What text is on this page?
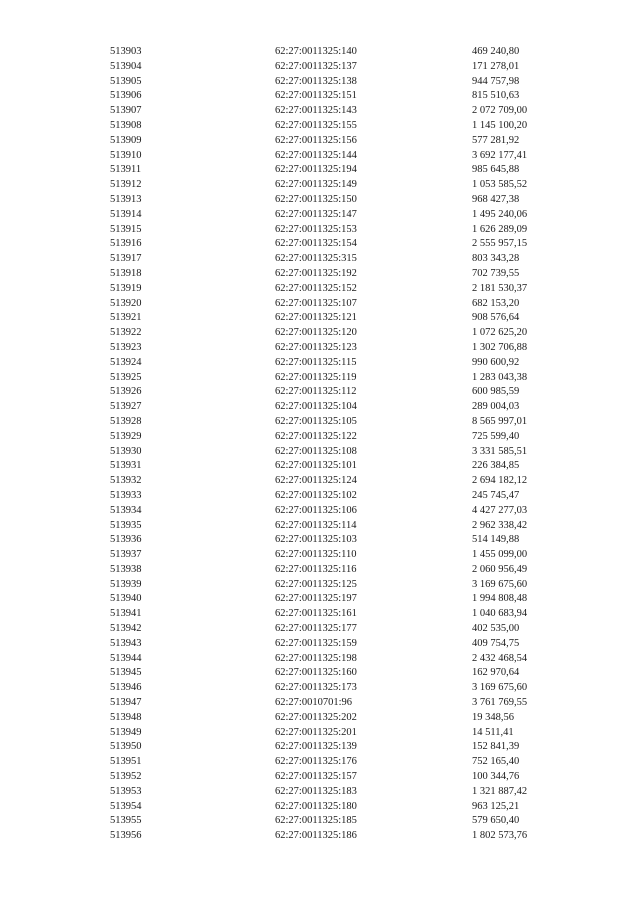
513903	62:27:0011325:140	469 240,80
513904	62:27:0011325:137	171 278,01
513905	62:27:0011325:138	944 757,98
513906	62:27:0011325:151	815 510,63
513907	62:27:0011325:143	2 072 709,00
513908	62:27:0011325:155	1 145 100,20
513909	62:27:0011325:156	577 281,92
513910	62:27:0011325:144	3 692 177,41
513911	62:27:0011325:194	985 645,88
513912	62:27:0011325:149	1 053 585,52
513913	62:27:0011325:150	968 427,38
513914	62:27:0011325:147	1 495 240,06
513915	62:27:0011325:153	1 626 289,09
513916	62:27:0011325:154	2 555 957,15
513917	62:27:0011325:315	803 343,28
513918	62:27:0011325:192	702 739,55
513919	62:27:0011325:152	2 181 530,37
513920	62:27:0011325:107	682 153,20
513921	62:27:0011325:121	908 576,64
513922	62:27:0011325:120	1 072 625,20
513923	62:27:0011325:123	1 302 706,88
513924	62:27:0011325:115	990 600,92
513925	62:27:0011325:119	1 283 043,38
513926	62:27:0011325:112	600 985,59
513927	62:27:0011325:104	289 004,03
513928	62:27:0011325:105	8 565 997,01
513929	62:27:0011325:122	725 599,40
513930	62:27:0011325:108	3 331 585,51
513931	62:27:0011325:101	226 384,85
513932	62:27:0011325:124	2 694 182,12
513933	62:27:0011325:102	245 745,47
513934	62:27:0011325:106	4 427 277,03
513935	62:27:0011325:114	2 962 338,42
513936	62:27:0011325:103	514 149,88
513937	62:27:0011325:110	1 455 099,00
513938	62:27:0011325:116	2 060 956,49
513939	62:27:0011325:125	3 169 675,60
513940	62:27:0011325:197	1 994 808,48
513941	62:27:0011325:161	1 040 683,94
513942	62:27:0011325:177	402 535,00
513943	62:27:0011325:159	409 754,75
513944	62:27:0011325:198	2 432 468,54
513945	62:27:0011325:160	162 970,64
513946	62:27:0011325:173	3 169 675,60
513947	62:27:0010701:96	3 761 769,55
513948	62:27:0011325:202	19 348,56
513949	62:27:0011325:201	14 511,41
513950	62:27:0011325:139	152 841,39
513951	62:27:0011325:176	752 165,40
513952	62:27:0011325:157	100 344,76
513953	62:27:0011325:183	1 321 887,42
513954	62:27:0011325:180	963 125,21
513955	62:27:0011325:185	579 650,40
513956	62:27:0011325:186	1 802 573,76
